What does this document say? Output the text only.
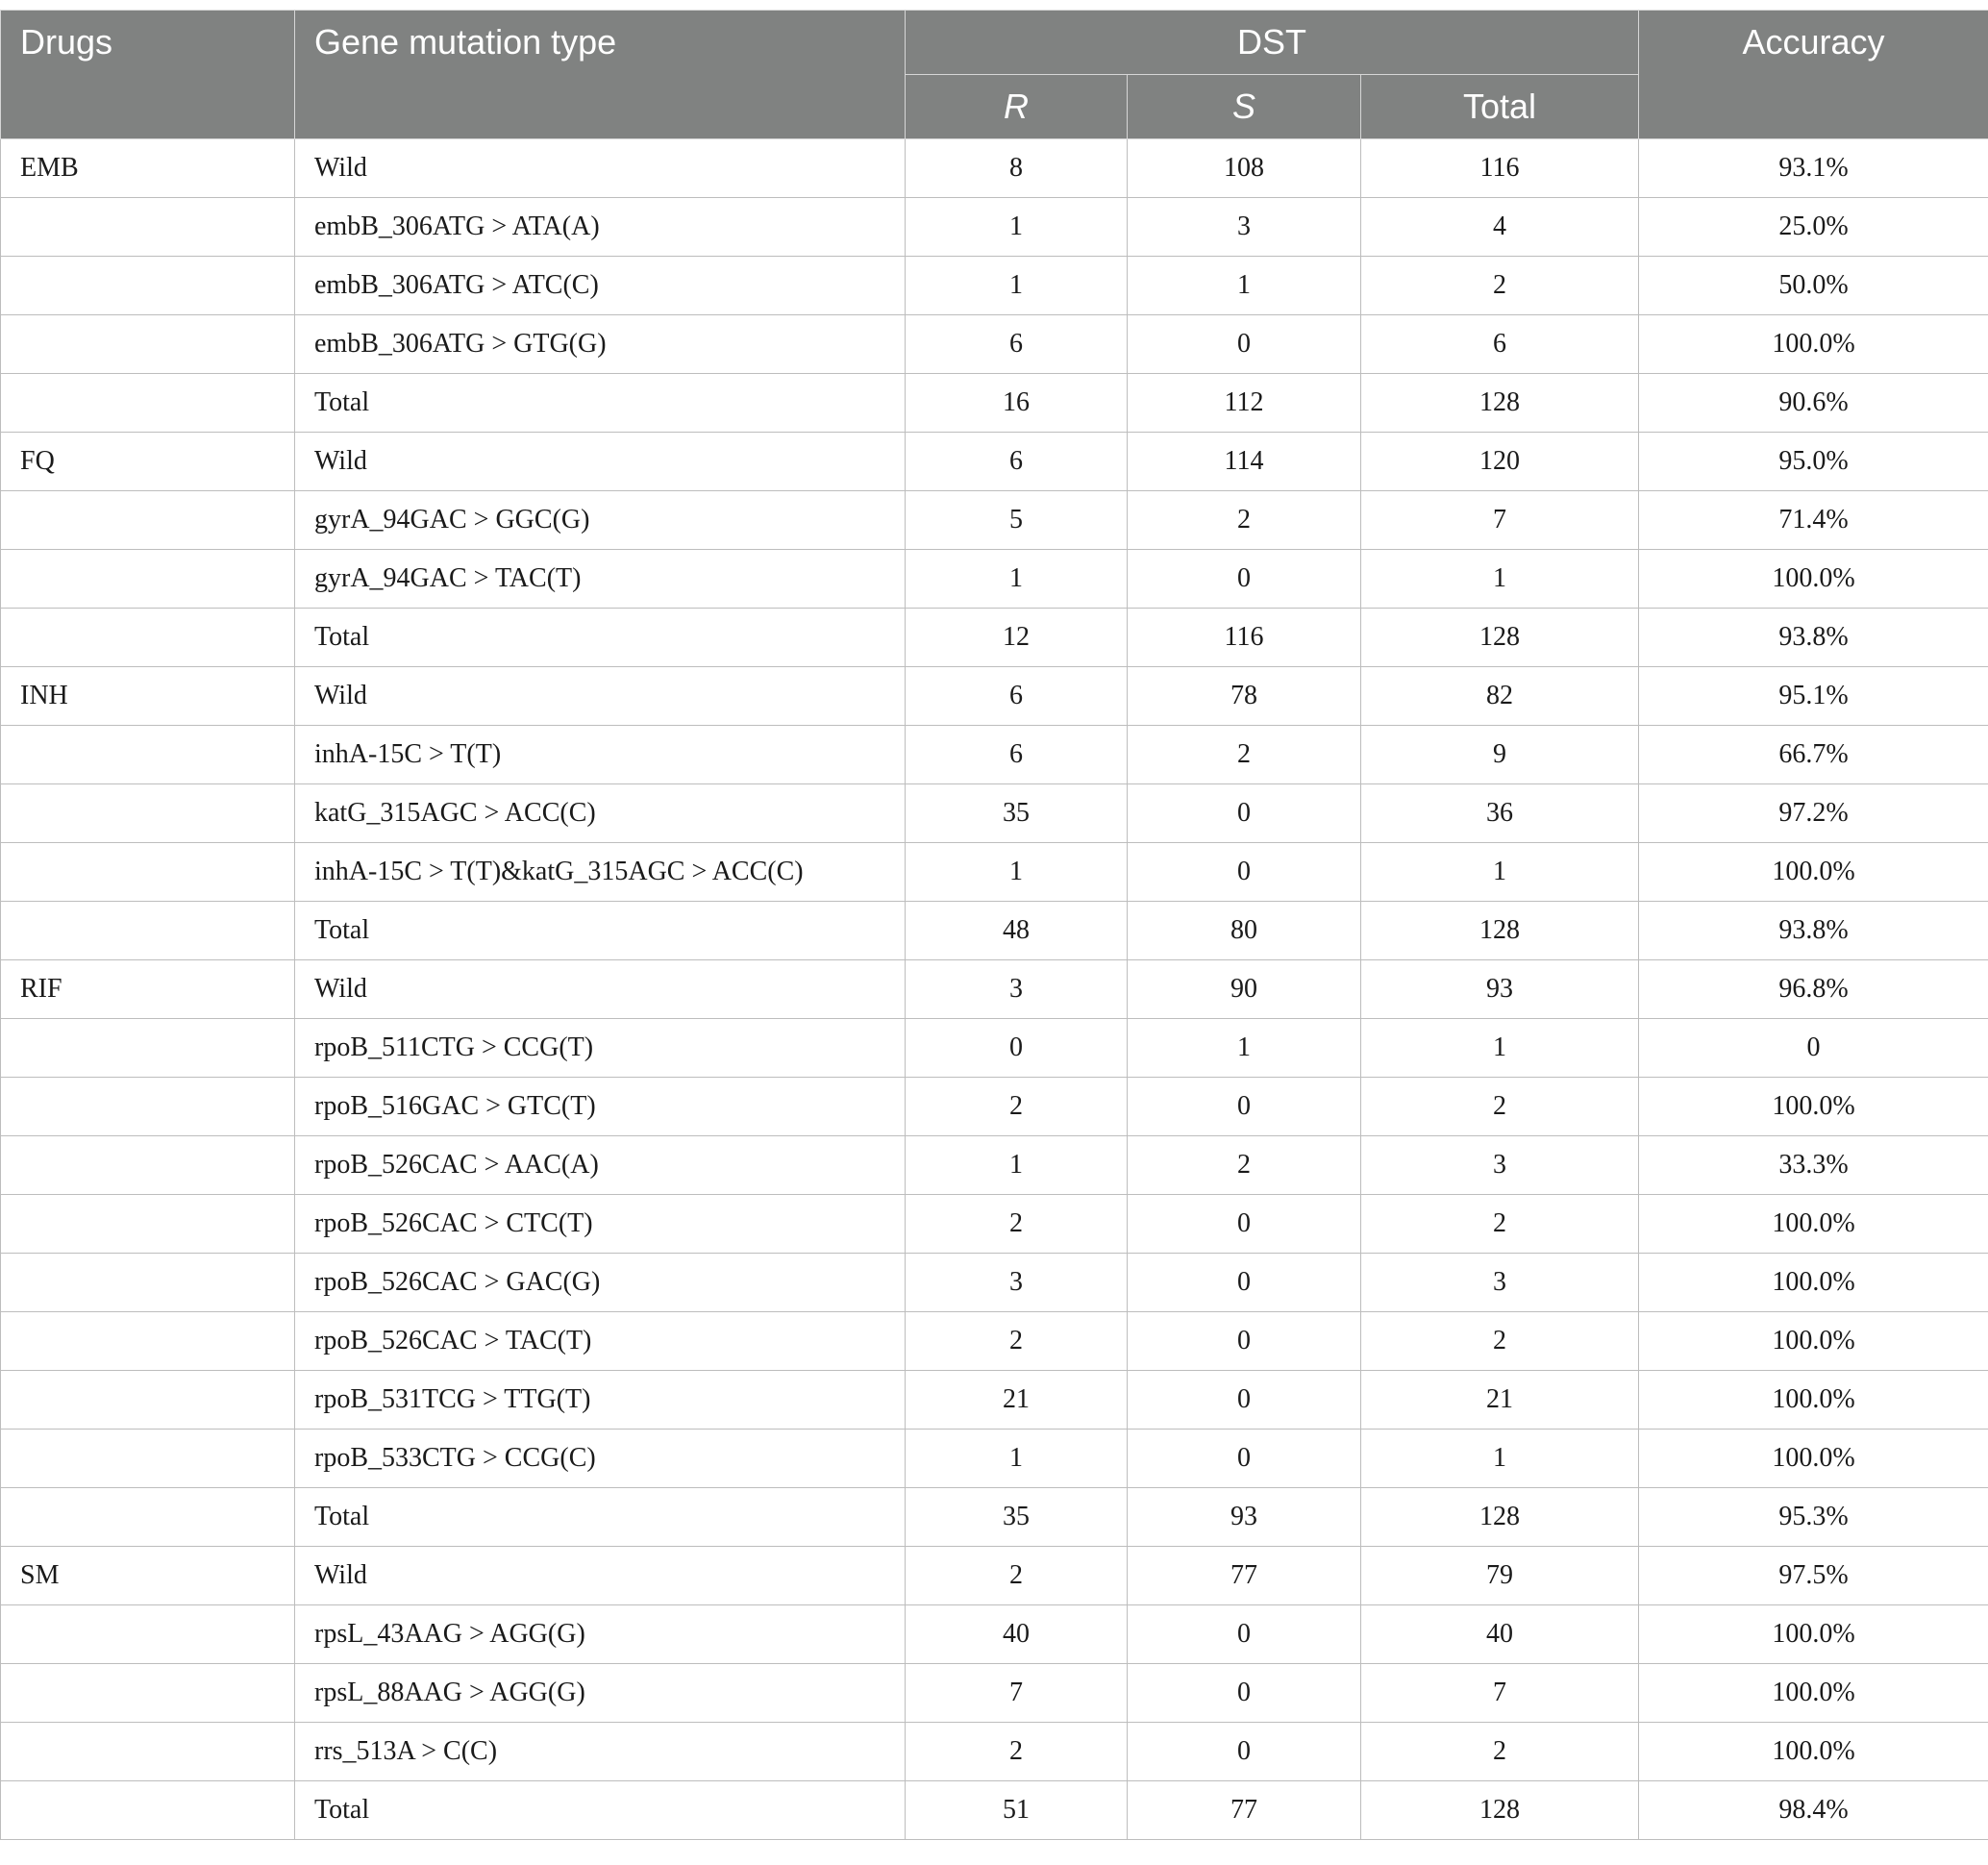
Drugs	Gene mutation type	DST			Accuracy
		R	S	Total	
EMB	Wild	8	108	116	93.1%
	embB_306ATG > ATA(A)	1	3	4	25.0%
	embB_306ATG > ATC(C)	1	1	2	50.0%
	embB_306ATG > GTG(G)	6	0	6	100.0%
	Total	16	112	128	90.6%
FQ	Wild	6	114	120	95.0%
	gyrA_94GAC > GGC(G)	5	2	7	71.4%
	gyrA_94GAC > TAC(T)	1	0	1	100.0%
	Total	12	116	128	93.8%
INH	Wild	6	78	82	95.1%
	inhA-15C > T(T)	6	2	9	66.7%
	katG_315AGC > ACC(C)	35	0	36	97.2%
	inhA-15C > T(T)&katG_315AGC > ACC(C)	1	0	1	100.0%
	Total	48	80	128	93.8%
RIF	Wild	3	90	93	96.8%
	rpoB_511CTG > CCG(T)	0	1	1	0
	rpoB_516GAC > GTC(T)	2	0	2	100.0%
	rpoB_526CAC > AAC(A)	1	2	3	33.3%
	rpoB_526CAC > CTC(T)	2	0	2	100.0%
	rpoB_526CAC > GAC(G)	3	0	3	100.0%
	rpoB_526CAC > TAC(T)	2	0	2	100.0%
	rpoB_531TCG > TTG(T)	21	0	21	100.0%
	rpoB_533CTG > CCG(C)	1	0	1	100.0%
	Total	35	93	128	95.3%
SM	Wild	2	77	79	97.5%
	rpsL_43AAG > AGG(G)	40	0	40	100.0%
	rpsL_88AAG > AGG(G)	7	0	7	100.0%
	rrs_513A > C(C)	2	0	2	100.0%
	Total	51	77	128	98.4%
